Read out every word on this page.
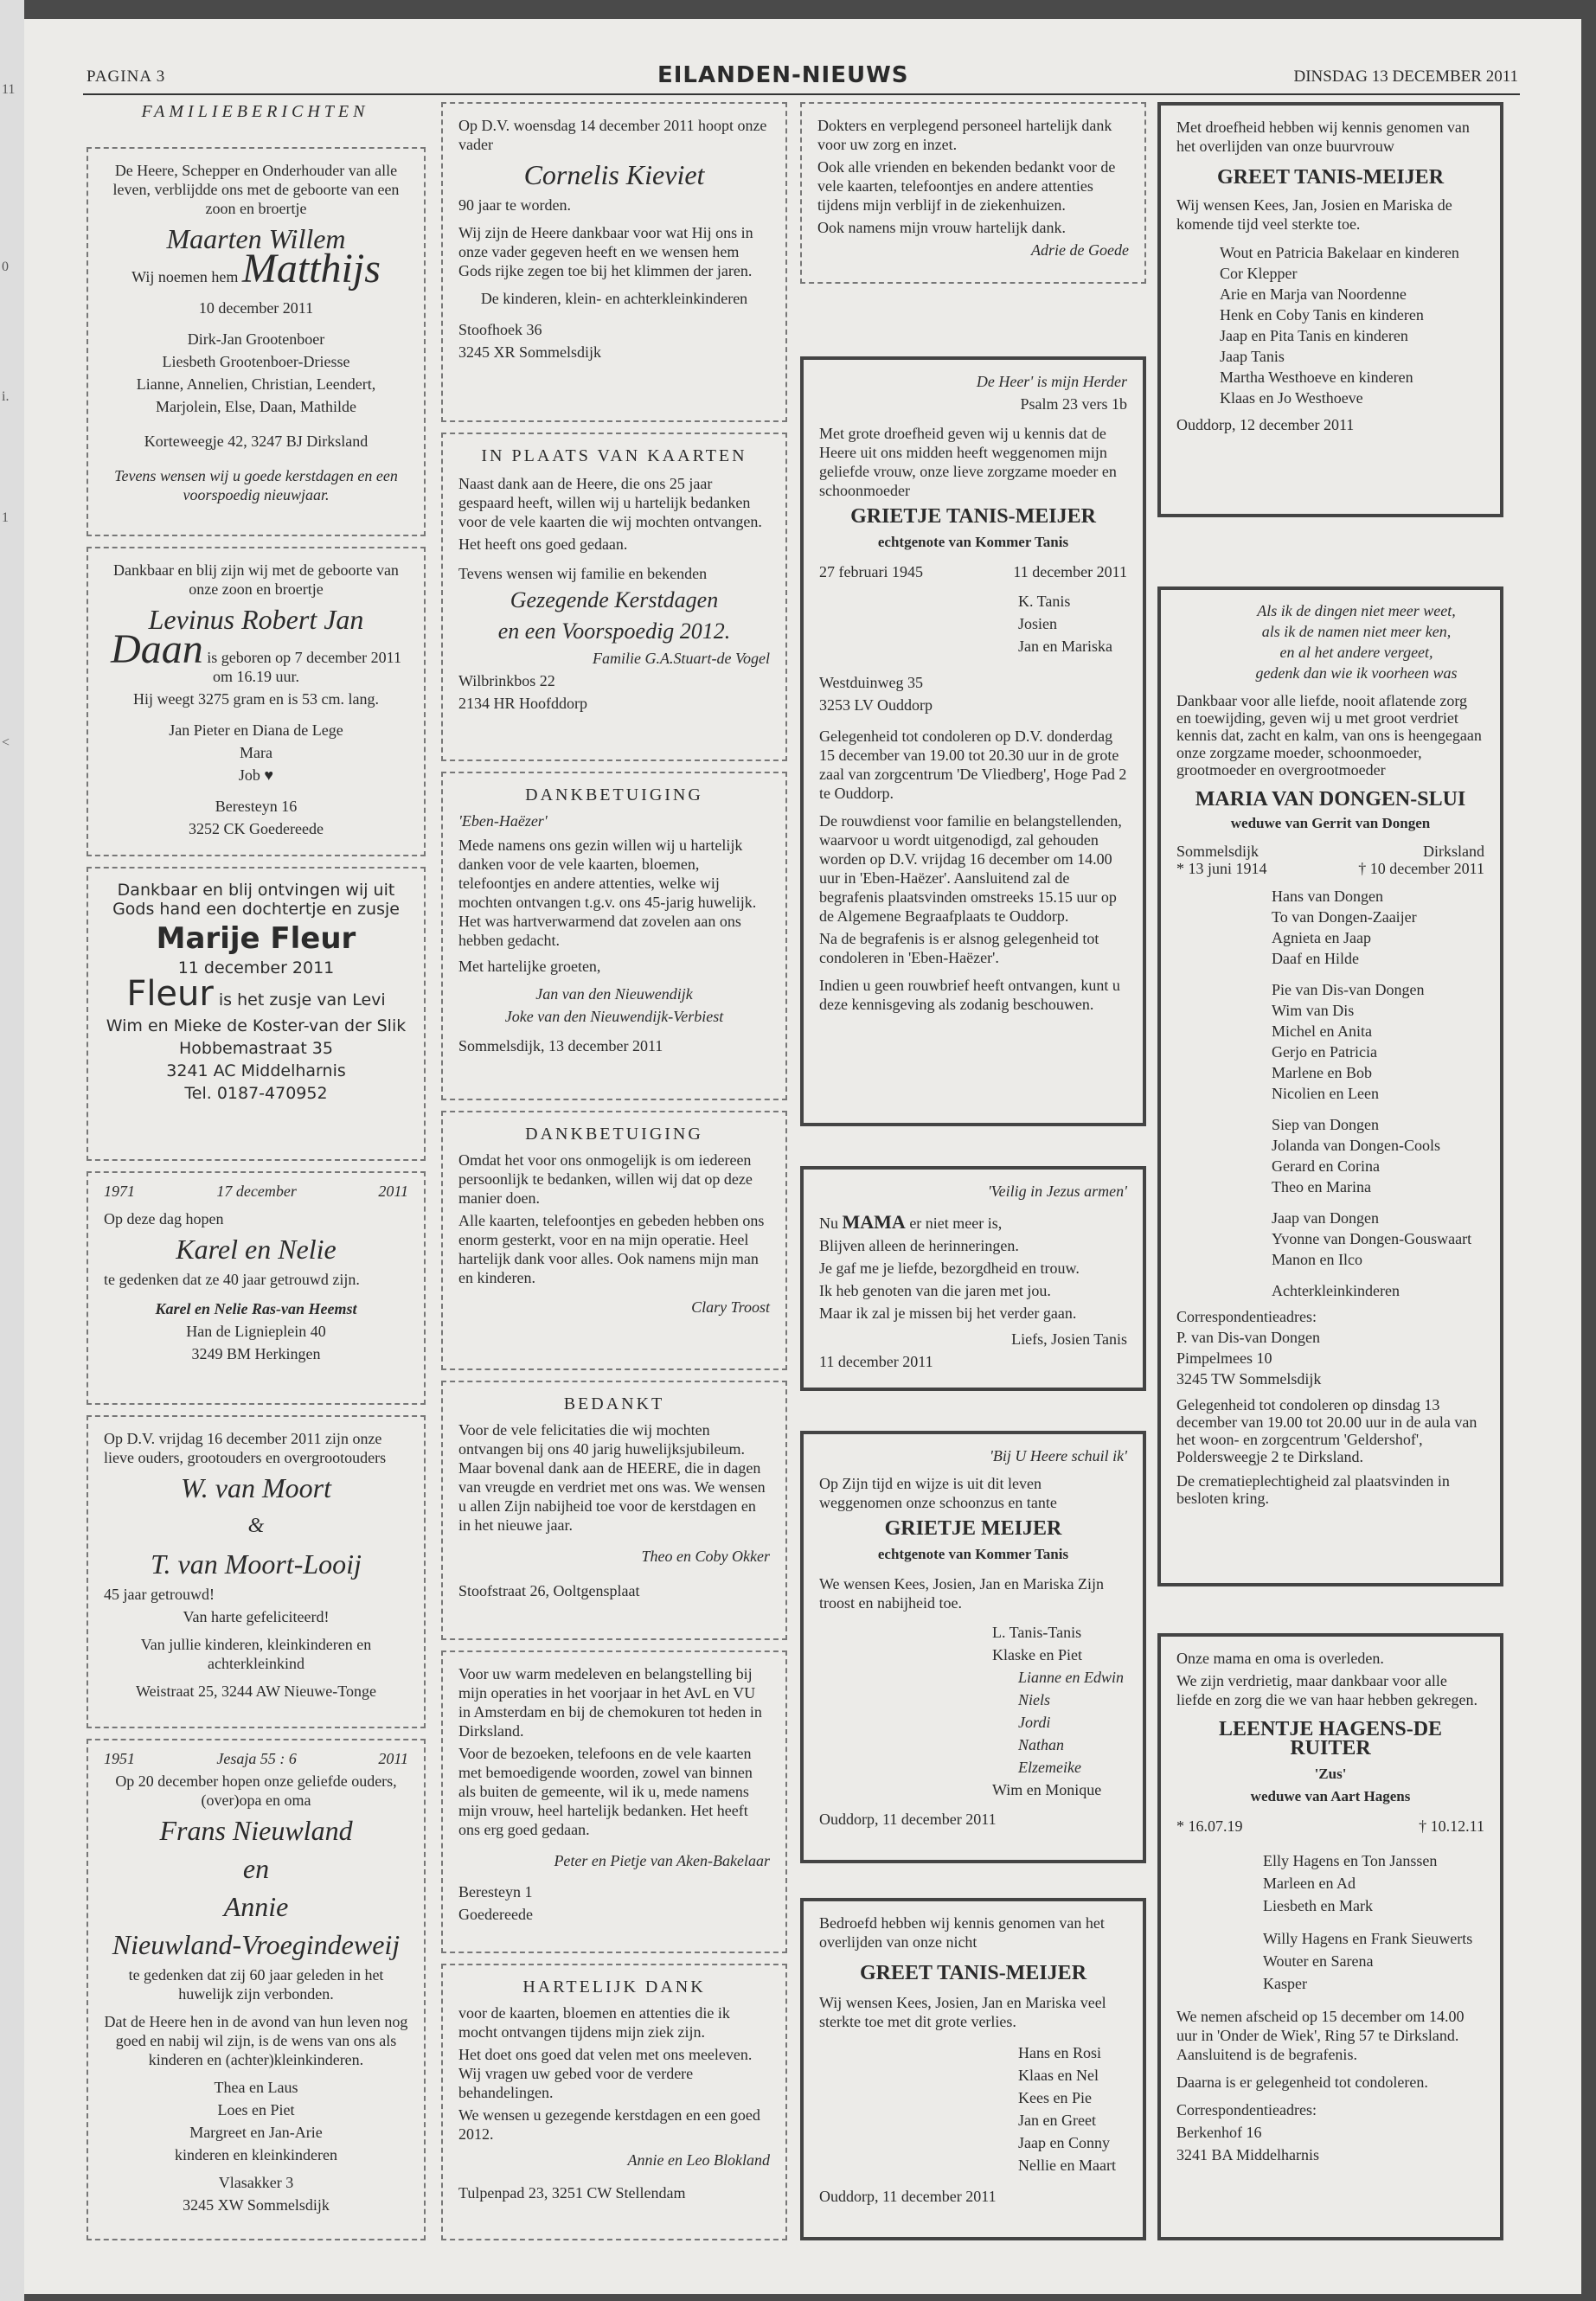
11
0
i.
1
<
PAGINA 3	EILANDEN-NIEUWS	DINSDAG 13 DECEMBER 2011
FAMILIEBERICHTEN

De Heere, Schepper en Onderhouder van alle leven, verblijdde ons met de geboorte van een zoon en broertje

Maarten Willem

Wij noemen hem Matthijs

10 december 2011

Dirk-Jan Grootenboer

Liesbeth Grootenboer-Driesse

Lianne, Annelien, Christian, Leendert,

Marjolein, Else, Daan, Mathilde

Korteweegje 42, 3247 BJ Dirksland

Tevens wensen wij u goede kerstdagen en een voorspoedig nieuwjaar.

Dankbaar en blij zijn wij met de geboorte van onze zoon en broertje

Levinus Robert Jan

Daan is geboren op 7 december 2011 om 16.19 uur.

Hij weegt 3275 gram en is 53 cm. lang.

Jan Pieter en Diana de Lege

Mara

Job ♥

Beresteyn 16

3252 CK Goedereede

Dankbaar en blij ontvingen wij uit Gods hand een dochtertje en zusje

Marije Fleur

11 december 2011

Fleur is het zusje van Levi

Wim en Mieke de Koster-van der Slik

Hobbemastraat 35

3241 AC Middelharnis

Tel. 0187-470952

1971	17 december	2011

Op deze dag hopen

Karel en Nelie

te gedenken dat ze 40 jaar getrouwd zijn.

Karel en Nelie Ras-van Heemst

Han de Lignieplein 40

3249 BM Herkingen

Op D.V. vrijdag 16 december 2011 zijn onze lieve ouders, grootouders en overgrootouders

W. van Moort

&

T. van Moort-Looij

45 jaar getrouwd!

Van harte gefeliciteerd!

Van jullie kinderen, kleinkinderen en achterkleinkind

Weistraat 25, 3244 AW Nieuwe-Tonge

1951	Jesaja 55 : 6	2011

Op 20 december hopen onze geliefde ouders, (over)opa en oma

Frans Nieuwland

en

Annie

Nieuwland-Vroegindeweij

te gedenken dat zij 60 jaar geleden in het huwelijk zijn verbonden.

Dat de Heere hen in de avond van hun leven nog goed en nabij wil zijn, is de wens van ons als kinderen en (achter)kleinkinderen.

Thea en Laus

Loes en Piet

Margreet en Jan-Arie

kinderen en kleinkinderen

Vlasakker 3

3245 XW Sommelsdijk

Op D.V. woensdag 14 december 2011 hoopt onze vader

Cornelis Kieviet

90 jaar te worden.

Wij zijn de Heere dankbaar voor wat Hij ons in onze vader gegeven heeft en we wensen hem Gods rijke zegen toe bij het klimmen der jaren.

De kinderen, klein- en achterkleinkinderen

Stoofhoek 36

3245 XR Sommelsdijk

IN PLAATS VAN KAARTEN

Naast dank aan de Heere, die ons 25 jaar gespaard heeft, willen wij u hartelijk bedanken voor de vele kaarten die wij mochten ontvangen.

Het heeft ons goed gedaan.

Tevens wensen wij familie en bekenden

Gezegende Kerstdagen

en een Voorspoedig 2012.

Familie G.A.Stuart-de Vogel

Wilbrinkbos 22

2134 HR Hoofddorp

DANKBETUIGING

'Eben-Haëzer'

Mede namens ons gezin willen wij u hartelijk danken voor de vele kaarten, bloemen, telefoontjes en andere attenties, welke wij mochten ontvangen t.g.v. ons 45-jarig huwelijk. Het was hartverwarmend dat zovelen aan ons hebben gedacht.

Met hartelijke groeten,

Jan van den Nieuwendijk

Joke van den Nieuwendijk-Verbiest

Sommelsdijk, 13 december 2011

DANKBETUIGING

Omdat het voor ons onmogelijk is om iedereen persoonlijk te bedanken, willen wij dat op deze manier doen.

Alle kaarten, telefoontjes en gebeden hebben ons enorm gesterkt, voor en na mijn operatie. Heel hartelijk dank voor alles. Ook namens mijn man en kinderen.

Clary Troost

BEDANKT

Voor de vele felicitaties die wij mochten ontvangen bij ons 40 jarig huwelijksjubileum. Maar bovenal dank aan de HEERE, die in dagen van vreugde en verdriet met ons was. We wensen u allen Zijn nabijheid toe voor de kerstdagen en in het nieuwe jaar.

Theo en Coby Okker

Stoofstraat 26, Ooltgensplaat

Voor uw warm medeleven en belangstelling bij mijn operaties in het voorjaar in het AvL en VU in Amsterdam en bij de chemokuren tot heden in Dirksland.

Voor de bezoeken, telefoons en de vele kaarten met bemoedigende woorden, zowel van binnen als buiten de gemeente, wil ik u, mede namens mijn vrouw, heel hartelijk bedanken. Het heeft ons erg goed gedaan.

Peter en Pietje van Aken-Bakelaar

Beresteyn 1

Goedereede

HARTELIJK DANK

voor de kaarten, bloemen en attenties die ik mocht ontvangen tijdens mijn ziek zijn.

Het doet ons goed dat velen met ons meeleven. Wij vragen uw gebed voor de verdere behandelingen.

We wensen u gezegende kerstdagen en een goed 2012.

Annie en Leo Blokland

Tulpenpad 23, 3251 CW Stellendam

Dokters en verplegend personeel hartelijk dank voor uw zorg en inzet.

Ook alle vrienden en bekenden bedankt voor de vele kaarten, telefoontjes en andere attenties tijdens mijn verblijf in de ziekenhuizen.

Ook namens mijn vrouw hartelijk dank.

Adrie de Goede

De Heer' is mijn Herder

Psalm 23 vers 1b

Met grote droefheid geven wij u kennis dat de Heere uit ons midden heeft weggenomen mijn geliefde vrouw, onze lieve zorgzame moeder en schoonmoeder

GRIETJE TANIS-MEIJER

echtgenote van Kommer Tanis

27 februari 1945	11 december 2011

K. Tanis

Josien

Jan en Mariska

Westduinweg 35

3253 LV Ouddorp

Gelegenheid tot condoleren op D.V. donderdag 15 december van 19.00 tot 20.30 uur in de grote zaal van zorgcentrum 'De Vliedberg', Hoge Pad 2 te Ouddorp.

De rouwdienst voor familie en belangstellenden, waarvoor u wordt uitgenodigd, zal gehouden worden op D.V. vrijdag 16 december om 14.00 uur in 'Eben-Haëzer'. Aansluitend zal de begrafenis plaatsvinden omstreeks 15.15 uur op de Algemene Begraafplaats te Ouddorp.

Na de begrafenis is er alsnog gelegenheid tot condoleren in 'Eben-Haëzer'.

Indien u geen rouwbrief heeft ontvangen, kunt u deze kennisgeving als zodanig beschouwen.

'Veilig in Jezus armen'

Nu MAMA er niet meer is,

Blijven alleen de herinneringen.

Je gaf me je liefde, bezorgdheid en trouw.

Ik heb genoten van die jaren met jou.

Maar ik zal je missen bij het verder gaan.

Liefs, Josien Tanis

11 december 2011

'Bij U Heere schuil ik'

Op Zijn tijd en wijze is uit dit leven weggenomen onze schoonzus en tante

GRIETJE MEIJER

echtgenote van Kommer Tanis

We wensen Kees, Josien, Jan en Mariska Zijn troost en nabijheid toe.

L. Tanis-Tanis

Klaske en Piet

Lianne en Edwin

Niels

Jordi

Nathan

Elzemeike

Wim en Monique

Ouddorp, 11 december 2011

Bedroefd hebben wij kennis genomen van het overlijden van onze nicht

GREET TANIS-MEIJER

Wij wensen Kees, Josien, Jan en Mariska veel sterkte toe met dit grote verlies.

Hans en Rosi

Klaas en Nel

Kees en Pie

Jan en Greet

Jaap en Conny

Nellie en Maart

Ouddorp, 11 december 2011

Met droefheid hebben wij kennis genomen van het overlijden van onze buurvrouw

GREET TANIS-MEIJER

Wij wensen Kees, Jan, Josien en Mariska de komende tijd veel sterkte toe.

Wout en Patricia Bakelaar en kinderen

Cor Klepper

Arie en Marja van Noordenne

Henk en Coby Tanis en kinderen

Jaap en Pita Tanis en kinderen

Jaap Tanis

Martha Westhoeve en kinderen

Klaas en Jo Westhoeve

Ouddorp, 12 december 2011

Als ik de dingen niet meer weet,

als ik de namen niet meer ken,

en al het andere vergeet,

gedenk dan wie ik voorheen was

Dankbaar voor alle liefde, nooit aflatende zorg en toewijding, geven wij u met groot verdriet kennis dat, zacht en kalm, van ons is heengegaan onze zorgzame moeder, schoonmoeder, grootmoeder en overgrootmoeder

MARIA VAN DONGEN-SLUI

weduwe van Gerrit van Dongen

Sommelsdijk	Dirksland
* 13 juni 1914	† 10 december 2011

Hans van Dongen

To van Dongen-Zaaijer

Agnieta en Jaap

Daaf en Hilde

Pie van Dis-van Dongen

Wim van Dis

Michel en Anita

Gerjo en Patricia

Marlene en Bob

Nicolien en Leen

Siep van Dongen

Jolanda van Dongen-Cools

Gerard en Corina

Theo en Marina

Jaap van Dongen

Yvonne van Dongen-Gouswaart

Manon en Ilco

Achterkleinkinderen

Correspondentieadres:

P. van Dis-van Dongen

Pimpelmees 10

3245 TW Sommelsdijk

Gelegenheid tot condoleren op dinsdag 13 december van 19.00 tot 20.00 uur in de aula van het woon- en zorgcentrum 'Geldershof', Poldersweegje 2 te Dirksland.

De crematieplechtigheid zal plaatsvinden in besloten kring.

Onze mama en oma is overleden.

We zijn verdrietig, maar dankbaar voor alle liefde en zorg die we van haar hebben gekregen.

LEENTJE HAGENS-DE RUITER

'Zus'

weduwe van Aart Hagens

* 16.07.19	† 10.12.11

Elly Hagens en Ton Janssen

Marleen en Ad

Liesbeth en Mark

Willy Hagens en Frank Sieuwerts

Wouter en Sarena

Kasper

We nemen afscheid op 15 december om 14.00 uur in 'Onder de Wiek', Ring 57 te Dirksland. Aansluitend is de begrafenis.

Daarna is er gelegenheid tot condoleren.

Correspondentieadres:

Berkenhof 16

3241 BA Middelharnis
